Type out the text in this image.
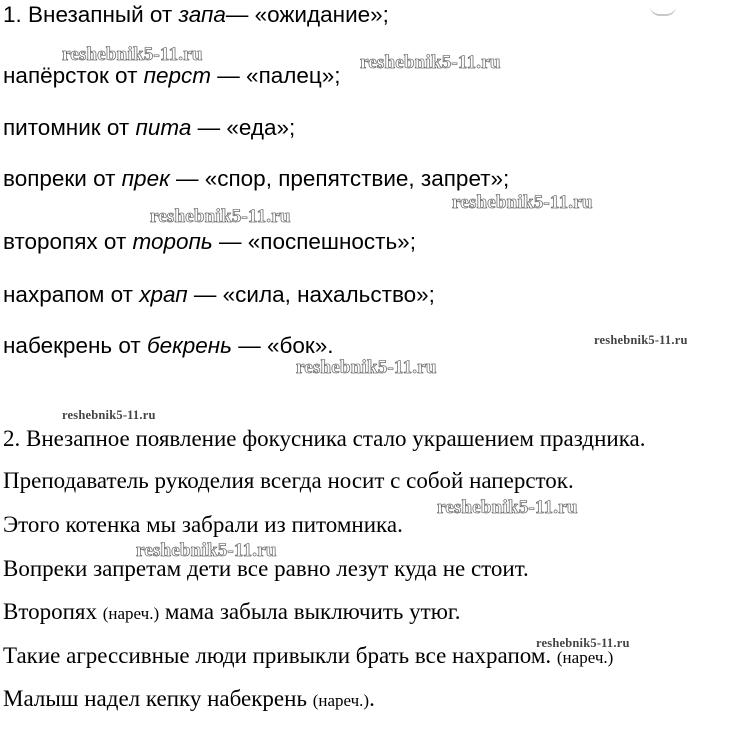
1. Внезапный от запа— «ожидание»;
напёрсток от перст — «палец»;
питомник от пита — «еда»;
вопреки от прек — «спор, препятствие, запрет»;
второпях от торопь — «поспешность»;
нахрапом от храп — «сила, нахальство»;
набекрень от бекрень — «бок».
2. Внезапное появление фокусника стало украшением праздника.
Преподаватель рукоделия всегда носит с собой наперсток.
Этого котенка мы забрали из питомника.
Вопреки запретам дети все равно лезут куда не стоит.
Второпях (нареч.) мама забыла выключить утюг.
Такие агрессивные люди привыкли брать все нахрапом. (нареч.)
Малыш надел кепку набекрень (нареч.).
reshebnik5-11.ru	reshebnik5-11.ru
reshebnik5-11.ru
reshebnik5-11.ru
reshebnik5-11.ru
reshebnik5-11.ru
reshebnik5-11.ru
reshebnik5-11.ru
reshebnik5-11.ru
reshebnik5-11.ru
